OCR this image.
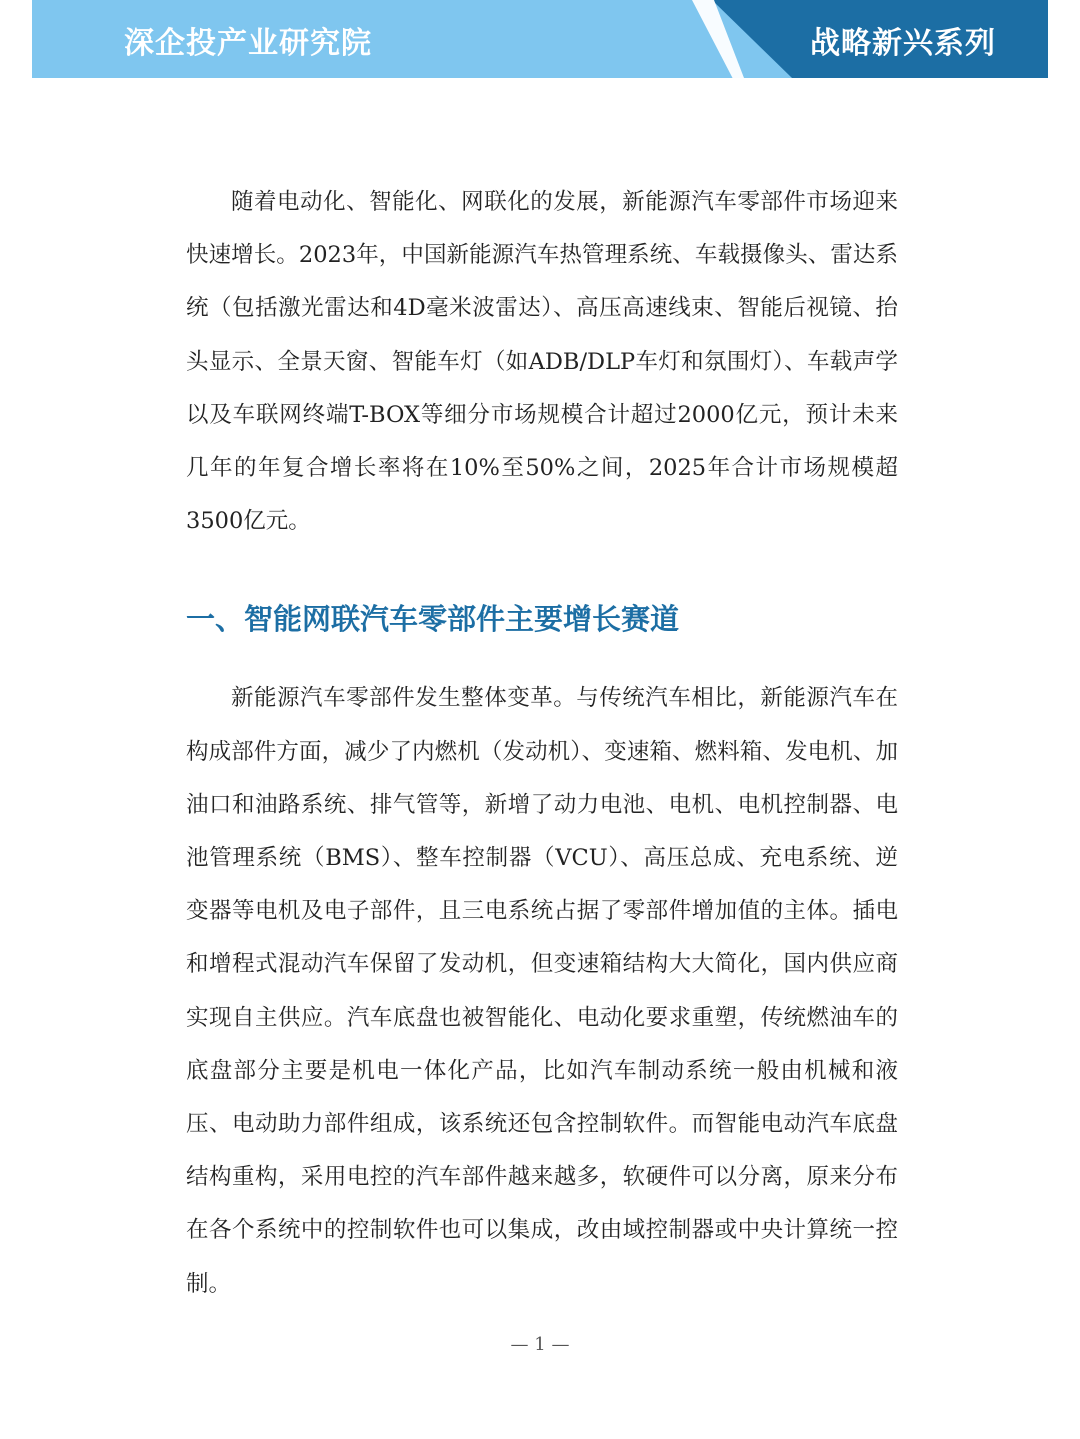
深企投产业研究院	战略新兴系列

随着电动化、智能化、网联化的发展，新能源汽车零部件市场迎来快速增长。2023年，中国新能源汽车热管理系统、车载摄像头、雷达系统（包括激光雷达和4D毫米波雷达）、高压高速线束、智能后视镜、抬头显示、全景天窗、智能车灯（如ADB/DLP车灯和氛围灯）、车载声学以及车联网终端T-BOX等细分市场规模合计超过2000亿元，预计未来几年的年复合增长率将在10%至50%之间，2025年合计市场规模超3500亿元。

一、智能网联汽车零部件主要增长赛道

新能源汽车零部件发生整体变革。与传统汽车相比，新能源汽车在构成部件方面，减少了内燃机（发动机）、变速箱、燃料箱、发电机、加油口和油路系统、排气管等，新增了动力电池、电机、电机控制器、电池管理系统（BMS）、整车控制器（VCU）、高压总成、充电系统、逆变器等电机及电子部件，且三电系统占据了零部件增加值的主体。插电和增程式混动汽车保留了发动机，但变速箱结构大大简化，国内供应商实现自主供应。汽车底盘也被智能化、电动化要求重塑，传统燃油车的底盘部分主要是机电一体化产品，比如汽车制动系统一般由机械和液压、电动助力部件组成，该系统还包含控制软件。而智能电动汽车底盘结构重构，采用电控的汽车部件越来越多，软硬件可以分离，原来分布在各个系统中的控制软件也可以集成，改由域控制器或中央计算统一控制。

— 1 —
